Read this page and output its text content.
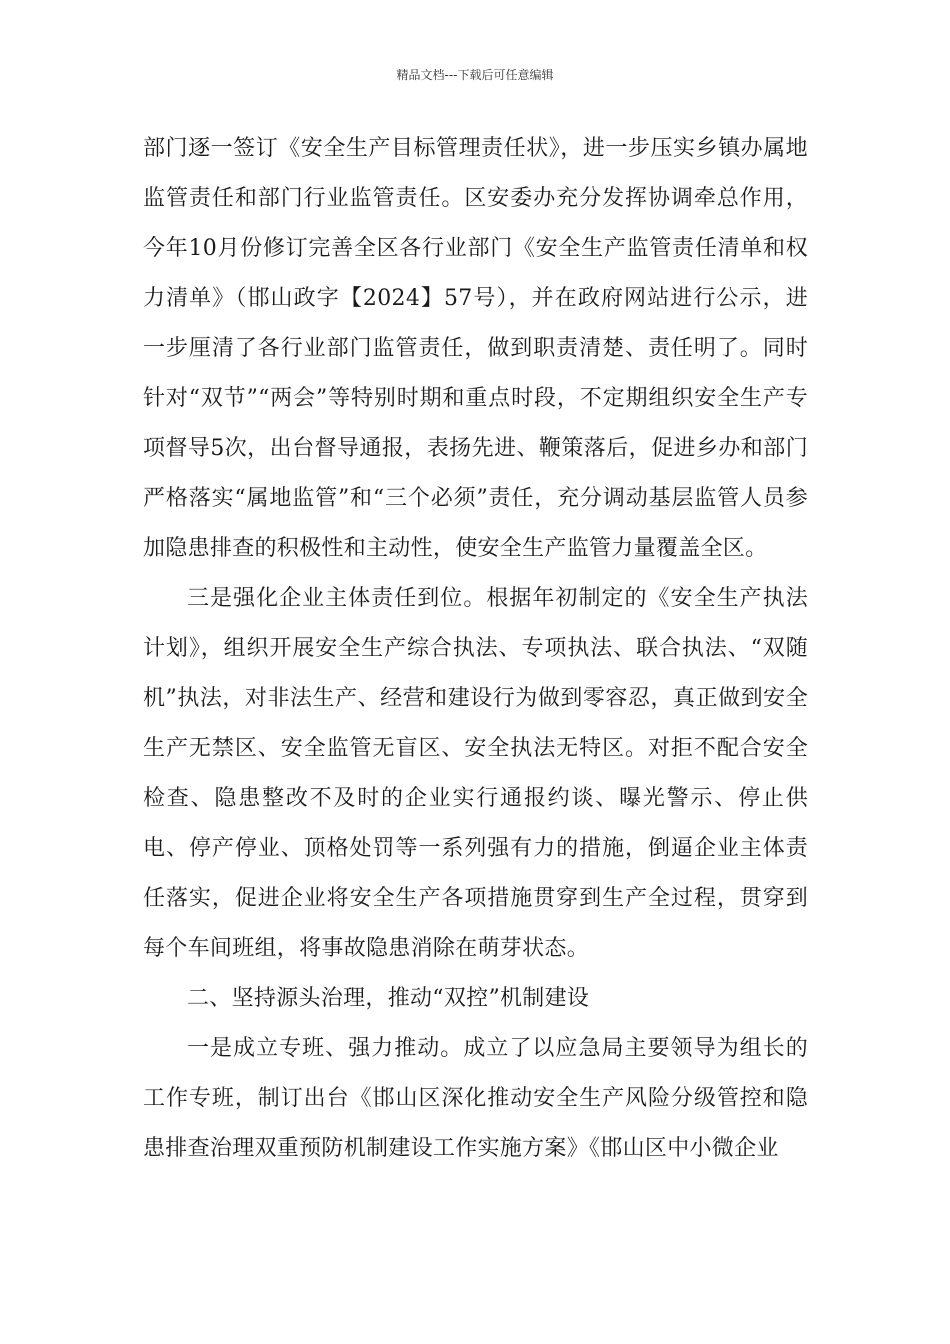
精品文档---下载后可任意编辑

部门逐一签订《安全生产目标管理责任状》，进一步压实乡镇办属地监管责任和部门行业监管责任。区安委办充分发挥协调牵总作用，今年10月份修订完善全区各行业部门《安全生产监管责任清单和权力清单》（邯山政字【2024】57号），并在政府网站进行公示，进一步厘清了各行业部门监管责任，做到职责清楚、责任明了。同时针对“双节”“两会”等特别时期和重点时段，不定期组织安全生产专项督导5次，出台督导通报，表扬先进、鞭策落后，促进乡办和部门严格落实“属地监管”和“三个必须”责任，充分调动基层监管人员参加隐患排查的积极性和主动性，使安全生产监管力量覆盖全区。

三是强化企业主体责任到位。根据年初制定的《安全生产执法计划》，组织开展安全生产综合执法、专项执法、联合执法、“双随机”执法，对非法生产、经营和建设行为做到零容忍，真正做到安全生产无禁区、安全监管无盲区、安全执法无特区。对拒不配合安全检查、隐患整改不及时的企业实行通报约谈、曝光警示、停止供电、停产停业、顶格处罚等一系列强有力的措施，倒逼企业主体责任落实，促进企业将安全生产各项措施贯穿到生产全过程，贯穿到每个车间班组，将事故隐患消除在萌芽状态。

二、坚持源头治理，推动“双控”机制建设

一是成立专班、强力推动。成立了以应急局主要领导为组长的工作专班，制订出台《邯山区深化推动安全生产风险分级管控和隐患排查治理双重预防机制建设工作实施方案》《邯山区中小微企业
